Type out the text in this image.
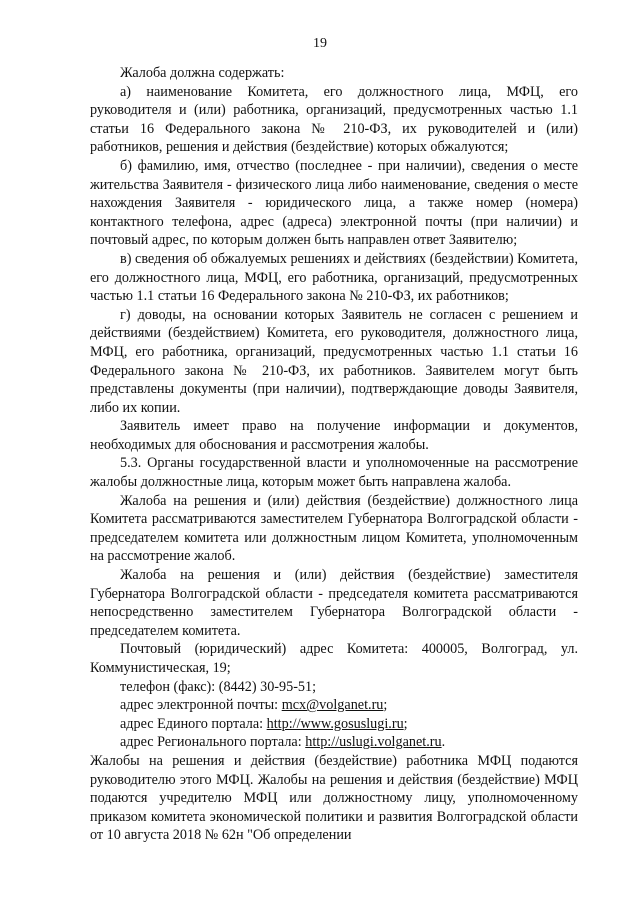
19

Жалоба должна содержать:

а) наименование Комитета, его должностного лица, МФЦ, его руководителя и (или) работника, организаций, предусмотренных частью 1.1 статьи 16 Федерального закона № 210-ФЗ, их руководителей и (или) работников, решения и действия (бездействие) которых обжалуются;

б) фамилию, имя, отчество (последнее - при наличии), сведения о месте жительства Заявителя - физического лица либо наименование, сведения о месте нахождения Заявителя - юридического лица, а также номер (номера) контактного телефона, адрес (адреса) электронной почты (при наличии) и почтовый адрес, по которым должен быть направлен ответ Заявителю;

в) сведения об обжалуемых решениях и действиях (бездействии) Комитета, его должностного лица, МФЦ, его работника, организаций, предусмотренных частью 1.1 статьи 16 Федерального закона № 210-ФЗ, их работников;

г) доводы, на основании которых Заявитель не согласен с решением и действиями (бездействием) Комитета, его руководителя, должностного лица, МФЦ, его работника, организаций, предусмотренных частью 1.1 статьи 16 Федерального закона № 210-ФЗ, их работников. Заявителем могут быть представлены документы (при наличии), подтверждающие доводы Заявителя, либо их копии.

Заявитель имеет право на получение информации и документов, необходимых для обоснования и рассмотрения жалобы.

5.3. Органы государственной власти и уполномоченные на рассмотрение жалобы должностные лица, которым может быть направлена жалоба.

Жалоба на решения и (или) действия (бездействие) должностного лица Комитета рассматриваются заместителем Губернатора Волгоградской области - председателем комитета или должностным лицом Комитета, уполномоченным на рассмотрение жалоб.

Жалоба на решения и (или) действия (бездействие) заместителя Губернатора Волгоградской области - председателя комитета рассматриваются непосредственно заместителем Губернатора Волгоградской области - председателем комитета.

Почтовый (юридический) адрес Комитета: 400005, Волгоград, ул. Коммунистическая, 19;

телефон (факс): (8442) 30-95-51;
адрес электронной почты: mcx@volganet.ru;
адрес Единого портала: http://www.gosuslugi.ru;
адрес Регионального портала: http://uslugi.volganet.ru.

Жалобы на решения и действия (бездействие) работника МФЦ подаются руководителю этого МФЦ. Жалобы на решения и действия (бездействие) МФЦ подаются учредителю МФЦ или должностному лицу, уполномоченному приказом комитета экономической политики и развития Волгоградской области от 10 августа 2018 № 62н "Об определении
